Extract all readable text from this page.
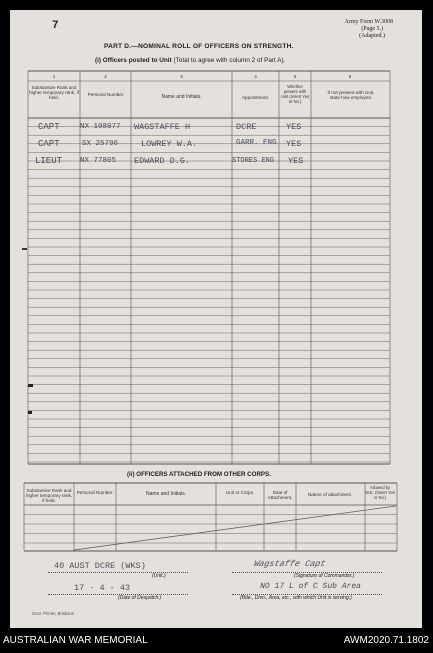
Army Form W.3008
(Page 5.)
(Adapted.)
7
PART D.—NOMINAL ROLL OF OFFICERS ON STRENGTH.
(i) Officers posted to Unit (Total to agree with column 2 of Part A).
1	2	3	4	5	6
Substantive Rank and higher temporary rank, if held.
Personal Number.	Name and Initials.	Appointment.
Whether present with Unit (Insert Yes or No.)
If not present with Unit, state how employed.
CAPT	NX 108977 WAGSTAFFE H	DCRE	YES
CAPT	SX 25796	LOWREY W.A.	GARR. ENG YES
LIEUT NX 77805 EDWARD D.G.	STORES ENG YES
(ii) OFFICERS ATTACHED FROM OTHER CORPS.
Substantive Rank and higher temporary rank, if held.
Personal Number.	Name and Initials.	Unit or Corps.	Date of Attachment.
Nature of attachment.
Allowed by W.E. (Insert Yes or No.)
40 AUST DCRE (WKS)
(Unit.)
Wagstaffe Capt
(Signature of Commander.)
17 - 4 - 43
(Date of Despatch.)
NO 17 L of C Sub Area
(Bde., Divn., Area, etc., with which Unit is serving.)
Govt. Printer, Brisbane.
AUSTRALIAN WAR MEMORIAL	AWM2020.71.1802
